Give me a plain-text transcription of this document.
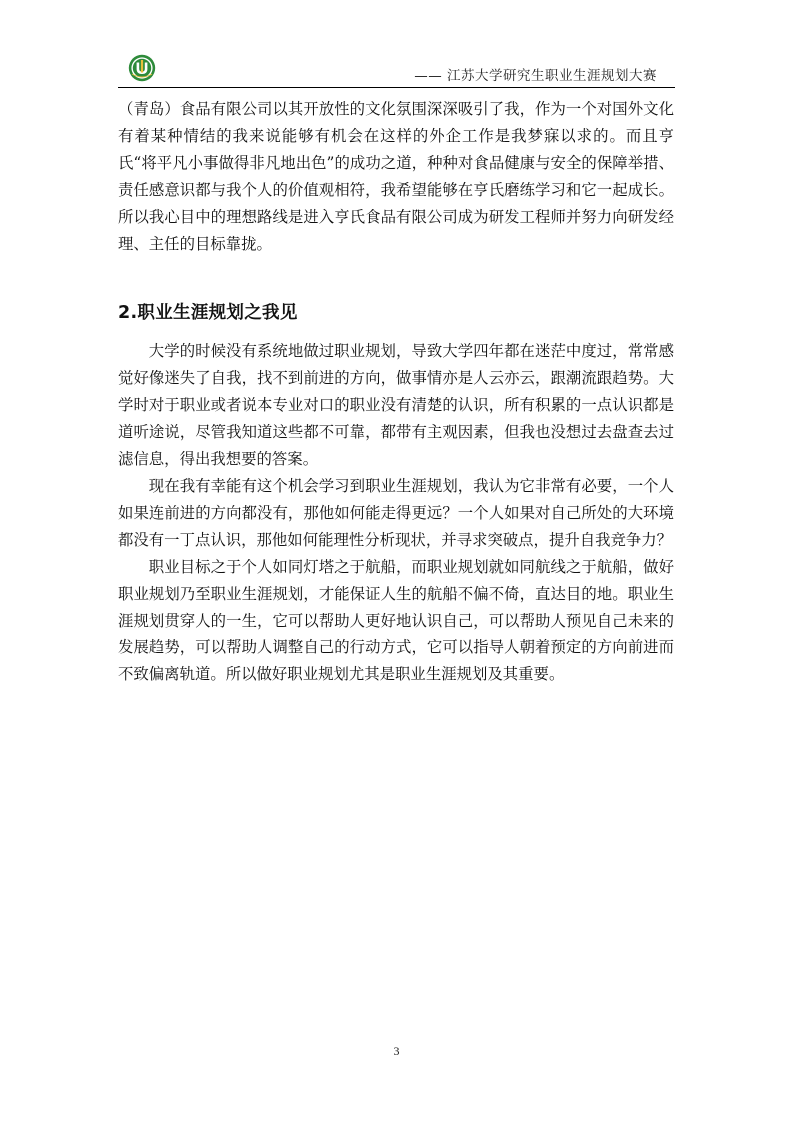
—— 江苏大学研究生职业生涯规划大赛

（青岛）食品有限公司以其开放性的文化氛围深深吸引了我，作为一个对国外文化有着某种情结的我来说能够有机会在这样的外企工作是我梦寐以求的。而且亨氏“将平凡小事做得非凡地出色”的成功之道，种种对食品健康与安全的保障举措、责任感意识都与我个人的价值观相符，我希望能够在亨氏磨练学习和它一起成长。所以我心目中的理想路线是进入亨氏食品有限公司成为研发工程师并努力向研发经理、主任的目标靠拢。

2.职业生涯规划之我见

大学的时候没有系统地做过职业规划，导致大学四年都在迷茫中度过，常常感觉好像迷失了自我，找不到前进的方向，做事情亦是人云亦云，跟潮流跟趋势。大学时对于职业或者说本专业对口的职业没有清楚的认识，所有积累的一点认识都是道听途说，尽管我知道这些都不可靠，都带有主观因素，但我也没想过去盘查去过滤信息，得出我想要的答案。

现在我有幸能有这个机会学习到职业生涯规划，我认为它非常有必要，一个人如果连前进的方向都没有，那他如何能走得更远？一个人如果对自己所处的大环境都没有一丁点认识，那他如何能理性分析现状，并寻求突破点，提升自我竞争力？

职业目标之于个人如同灯塔之于航船，而职业规划就如同航线之于航船，做好职业规划乃至职业生涯规划，才能保证人生的航船不偏不倚，直达目的地。职业生涯规划贯穿人的一生，它可以帮助人更好地认识自己，可以帮助人预见自己未来的发展趋势，可以帮助人调整自己的行动方式，它可以指导人朝着预定的方向前进而不致偏离轨道。所以做好职业规划尤其是职业生涯规划及其重要。

3
